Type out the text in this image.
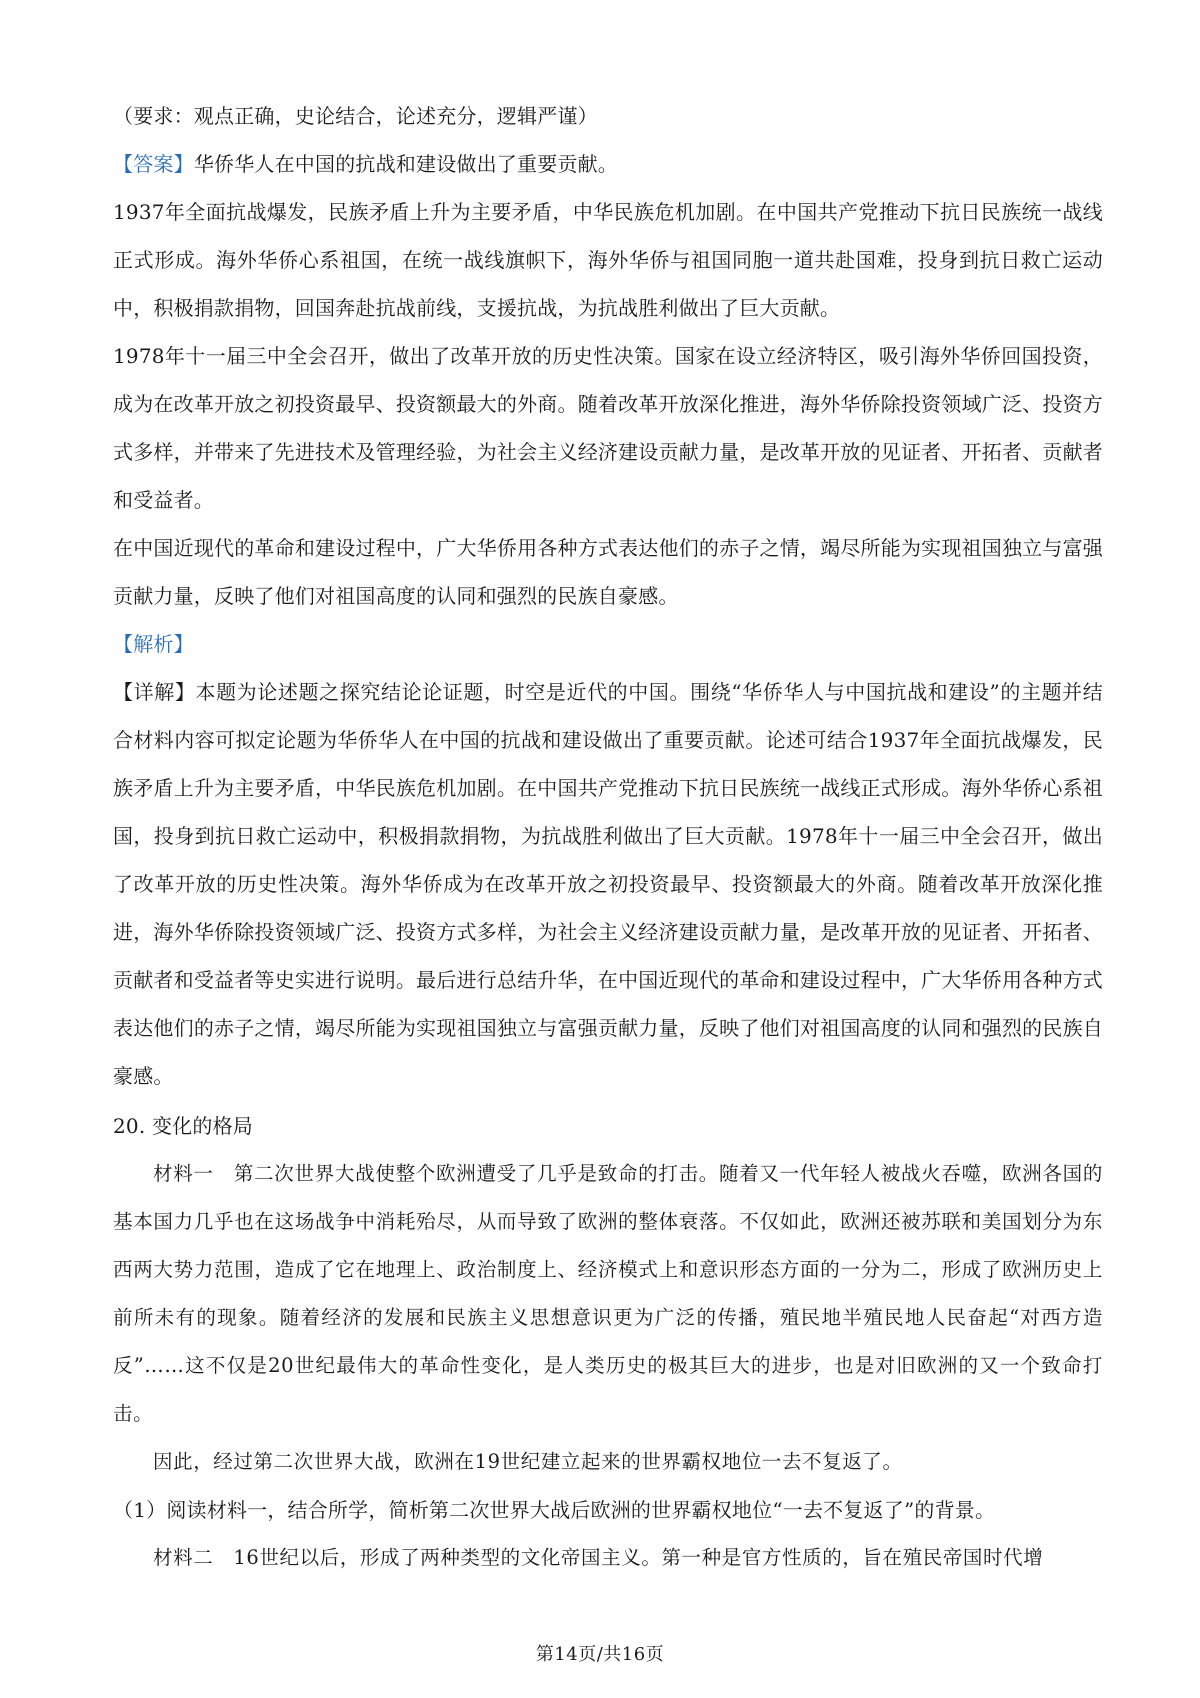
（要求：观点正确，史论结合，论述充分，逻辑严谨）

【答案】华侨华人在中国的抗战和建设做出了重要贡献。

1937年全面抗战爆发，民族矛盾上升为主要矛盾，中华民族危机加剧。在中国共产党推动下抗日民族统一战线正式形成。海外华侨心系祖国，在统一战线旗帜下，海外华侨与祖国同胞一道共赴国难，投身到抗日救亡运动中，积极捐款捐物，回国奔赴抗战前线，支援抗战，为抗战胜利做出了巨大贡献。

1978年十一届三中全会召开，做出了改革开放的历史性决策。国家在设立经济特区，吸引海外华侨回国投资，成为在改革开放之初投资最早、投资额最大的外商。随着改革开放深化推进，海外华侨除投资领域广泛、投资方式多样，并带来了先进技术及管理经验，为社会主义经济建设贡献力量，是改革开放的见证者、开拓者、贡献者和受益者。

在中国近现代的革命和建设过程中，广大华侨用各种方式表达他们的赤子之情，竭尽所能为实现祖国独立与富强贡献力量，反映了他们对祖国高度的认同和强烈的民族自豪感。

【解析】

【详解】本题为论述题之探究结论论证题，时空是近代的中国。围绕“华侨华人与中国抗战和建设”的主题并结合材料内容可拟定论题为华侨华人在中国的抗战和建设做出了重要贡献。论述可结合1937年全面抗战爆发，民族矛盾上升为主要矛盾，中华民族危机加剧。在中国共产党推动下抗日民族统一战线正式形成。海外华侨心系祖国，投身到抗日救亡运动中，积极捐款捐物，为抗战胜利做出了巨大贡献。1978年十一届三中全会召开，做出了改革开放的历史性决策。海外华侨成为在改革开放之初投资最早、投资额最大的外商。随着改革开放深化推进，海外华侨除投资领域广泛、投资方式多样，为社会主义经济建设贡献力量，是改革开放的见证者、开拓者、贡献者和受益者等史实进行说明。最后进行总结升华，在中国近现代的革命和建设过程中，广大华侨用各种方式表达他们的赤子之情，竭尽所能为实现祖国独立与富强贡献力量，反映了他们对祖国高度的认同和强烈的民族自豪感。

20. 变化的格局

材料一　第二次世界大战使整个欧洲遭受了几乎是致命的打击。随着又一代年轻人被战火吞噬，欧洲各国的基本国力几乎也在这场战争中消耗殆尽，从而导致了欧洲的整体衰落。不仅如此，欧洲还被苏联和美国划分为东西两大势力范围，造成了它在地理上、政治制度上、经济模式上和意识形态方面的一分为二，形成了欧洲历史上前所未有的现象。随着经济的发展和民族主义思想意识更为广泛的传播，殖民地半殖民地人民奋起“对西方造反”……这不仅是20世纪最伟大的革命性变化，是人类历史的极其巨大的进步，也是对旧欧洲的又一个致命打击。

因此，经过第二次世界大战，欧洲在19世纪建立起来的世界霸权地位一去不复返了。

（1）阅读材料一，结合所学，简析第二次世界大战后欧洲的世界霸权地位“一去不复返了”的背景。

材料二　16世纪以后，形成了两种类型的文化帝国主义。第一种是官方性质的，旨在殖民帝国时代增

第14页/共16页
